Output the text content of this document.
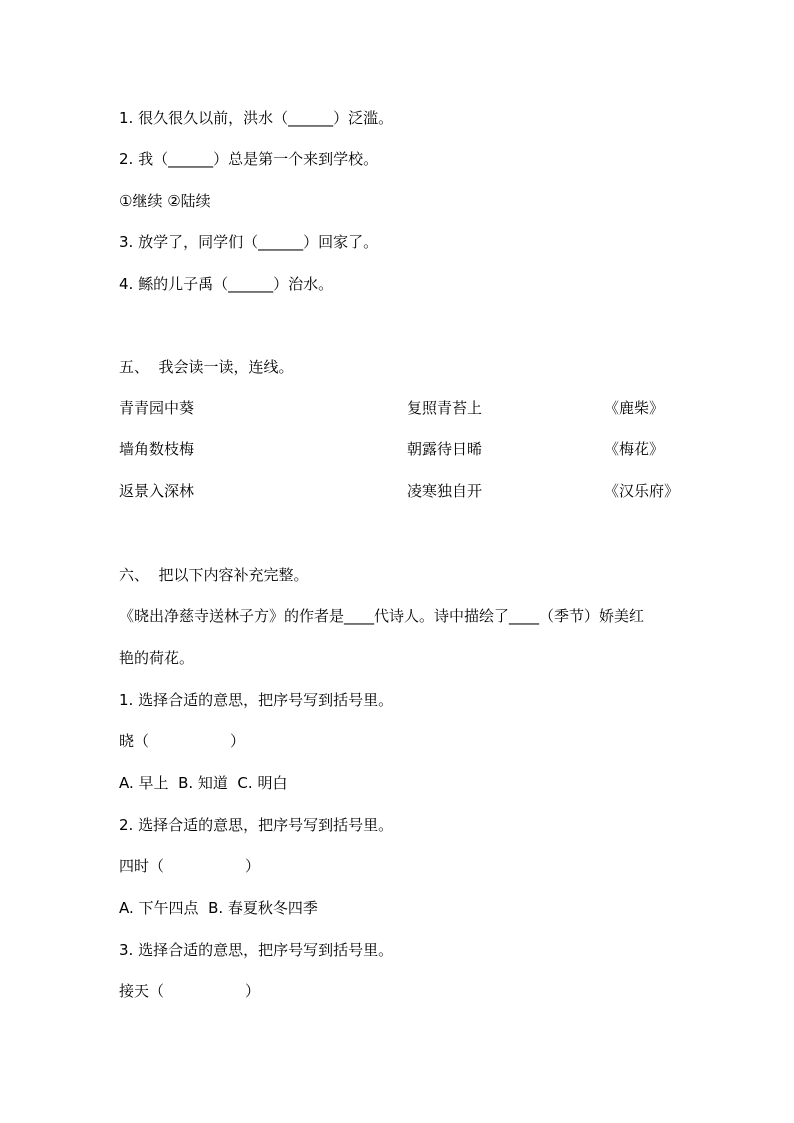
1. 很久很久以前，洪水（______）泛滥。
2. 我（______）总是第一个来到学校。
①继续 ②陆续
3. 放学了，同学们（______）回家了。
4. 鲧的儿子禹（______）治水。
五、  我会读一读，连线。
青青园中葵	复照青苔上	《鹿柴》
墙角数枝梅	朝露待日晞	《梅花》
返景入深林	凌寒独自开	《汉乐府》
六、  把以下内容补充完整。
《晓出净慈寺送林子方》的作者是____代诗人。诗中描绘了____（季节）娇美红
艳的荷花。
1. 选择合适的意思，把序号写到括号里。
晓（                 ）
A. 早上  B. 知道  C. 明白
2. 选择合适的意思，把序号写到括号里。
四时（                 ）
A. 下午四点  B. 春夏秋冬四季
3. 选择合适的意思，把序号写到括号里。
接天（                 ）
